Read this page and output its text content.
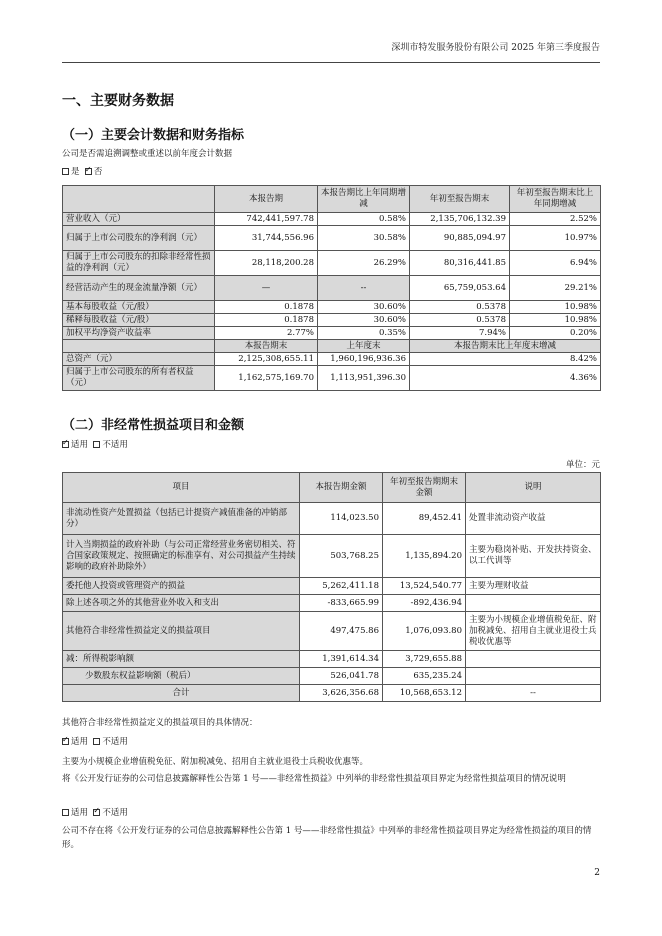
深圳市特发服务股份有限公司 2025 年第三季度报告
一、主要财务数据
（一）主要会计数据和财务指标
公司是否需追溯调整或重述以前年度会计数据
是 ✓ 否
	本报告期	本报告期比上年同期增减	年初至报告期末	年初至报告期末比上年同期增减
营业收入（元）	742,441,597.78	0.58%	2,135,706,132.39	2.52%
归属于上市公司股东的净利润（元）	31,744,556.96	30.58%	90,885,094.97	10.97%
归属于上市公司股东的扣除非经常性损益的净利润（元）	28,118,200.28	26.29%	80,316,441.85	6.94%
经营活动产生的现金流量净额（元）	—	--	65,759,053.64	29.21%
基本每股收益（元/股）	0.1878	30.60%	0.5378	10.98%
稀释每股收益（元/股）	0.1878	30.60%	0.5378	10.98%
加权平均净资产收益率	2.77%	0.35%	7.94%	0.20%
	本报告期末	上年度末	本报告期末比上年度末增减	
总资产（元）	2,125,308,655.11	1,960,196,936.36	8.42%	
归属于上市公司股东的所有者权益（元）	1,162,575,169.70	1,113,951,396.30	4.36%	
（二）非经常性损益项目和金额
✓适用 不适用
单位：元
项目	本报告期金额	年初至报告期期末金额	说明
非流动性资产处置损益（包括已计提资产减值准备的冲销部分）	114,023.50	89,452.41	处置非流动资产收益
计入当期损益的政府补助（与公司正常经营业务密切相关、符合国家政策规定、按照确定的标准享有、对公司损益产生持续影响的政府补助除外）	503,768.25	1,135,894.20	主要为稳岗补贴、开发扶持资金、以工代训等
委托他人投资或管理资产的损益	5,262,411.18	13,524,540.77	主要为理财收益
除上述各项之外的其他营业外收入和支出	-833,665.99	-892,436.94	
其他符合非经常性损益定义的损益项目	497,475.86	1,076,093.80	主要为小规模企业增值税免征、附加税减免、招用自主就业退役士兵税收优惠等
减：所得税影响额	1,391,614.34	3,729,655.88	
少数股东权益影响额（税后）	526,041.78	635,235.24	
合计	3,626,356.68	10,568,653.12	--
其他符合非经常性损益定义的损益项目的具体情况：
✓适用 不适用
主要为小规模企业增值税免征、附加税减免、招用自主就业退役士兵税收优惠等。
将《公开发行证券的公司信息披露解释性公告第 1 号——非经常性损益》中列举的非经常性损益项目界定为经常性损益项目的情况说明
适用 ✓ 不适用
公司不存在将《公开发行证券的公司信息披露解释性公告第 1 号——非经常性损益》中列举的非经常性损益项目界定为经常性损益的项目的情形。
2
